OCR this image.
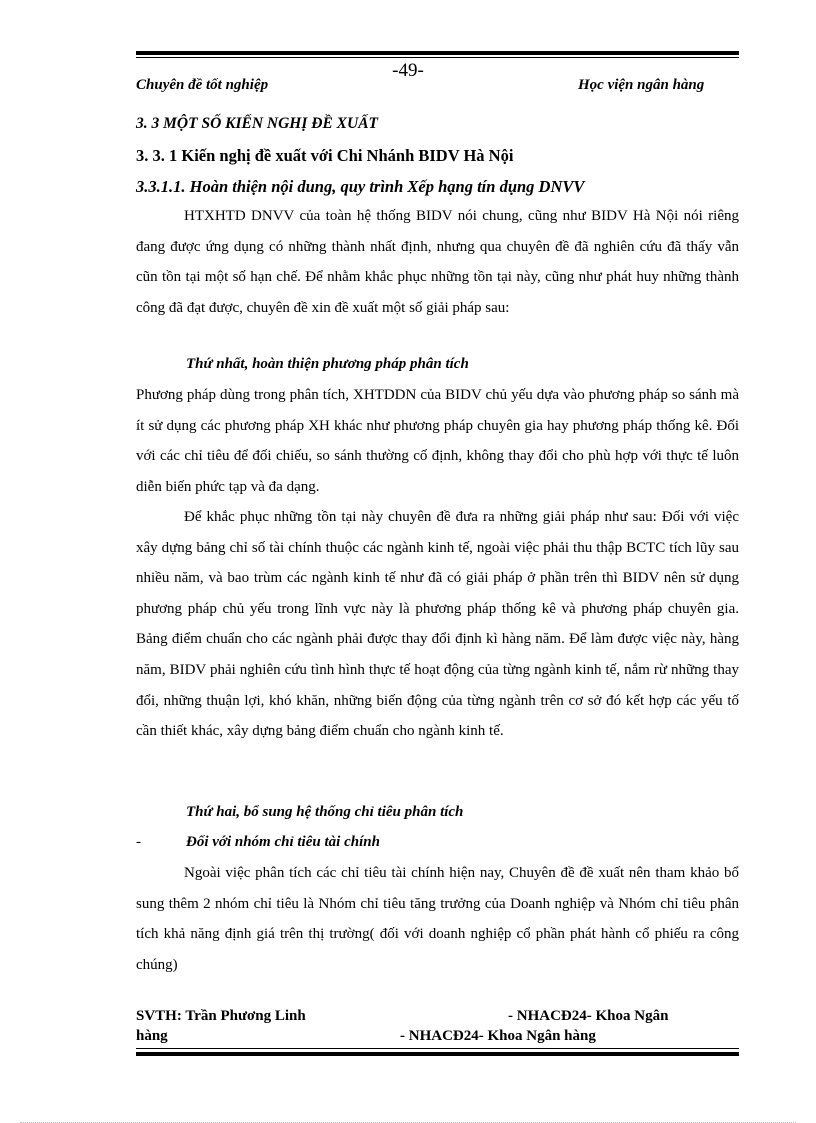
-49-
Chuyên đề tốt nghiệp	Học viện ngân hàng
3. 3 MỘT SỐ KIẾN NGHỊ ĐỀ XUẤT
3. 3. 1 Kiến nghị đề xuất với Chi Nhánh BIDV Hà Nội
3.3.1.1. Hoàn thiện nội dung, quy trình Xếp hạng tín dụng DNVV
HTXHTD DNVV của toàn hệ thống BIDV nói chung, cũng như BIDV Hà Nội nói riêng đang được ứng dụng có những thành nhất định, nhưng qua chuyên đề đã nghiên cứu đã thấy vẫn cũn tồn tại một số hạn chế. Để nhằm khắc phục những tồn tại này, cũng như phát huy những thành công đã đạt được, chuyên đề xin đề xuất một số giải pháp sau:
Thứ nhất, hoàn thiện phương pháp phân tích
Phương pháp dùng trong phân tích, XHTDDN của BIDV chủ yếu dựa vào phương pháp so sánh mà ít sử dụng các phương pháp XH khác như phương pháp chuyên gia hay phương pháp thống kê. Đối với các chỉ tiêu để đối chiếu, so sánh thường cố định, không thay đổi cho phù hợp với thực tế luôn diễn biến phức tạp và đa dạng.
Để khắc phục những tồn tại này chuyên đề đưa ra những giải pháp như sau: Đối với việc xây dựng bảng chỉ số tài chính thuộc các ngành kinh tế, ngoài việc phải thu thập BCTC tích lũy sau nhiều năm, và bao trùm các ngành kinh tế như đã có giải pháp ở phần trên thì BIDV nên sử dụng phương pháp chủ yếu trong lĩnh vực này là phương pháp thống kê và phương pháp chuyên gia. Bảng điểm chuẩn cho các ngành phải được thay đổi định kì hàng năm. Để làm được việc này, hàng năm, BIDV phải nghiên cứu tình hình thực tế hoạt động của từng ngành kinh tế, nắm rừ những thay đổi, những thuận lợi, khó khăn, những biến động của từng ngành trên cơ sở đó kết hợp các yếu tố cần thiết khác, xây dựng bảng điểm chuẩn cho ngành kinh tế.
Thứ hai, bổ sung hệ thống chỉ tiêu phân tích
-	Đối với nhóm chỉ tiêu tài chính
Ngoài việc phân tích các chỉ tiêu tài chính hiện nay, Chuyên đề đề xuất nên tham khảo bổ sung thêm 2 nhóm chỉ tiêu là Nhóm chỉ tiêu tăng trưởng của Doanh nghiệp và Nhóm chỉ tiêu phân tích khả năng định giá trên thị trường( đối với doanh nghiệp cổ phần phát hành cổ phiếu ra công chúng)
SVTH: Trần Phương Linh	- NHACĐ24- Khoa Ngân
hàng	- NHACĐ24- Khoa Ngân hàng
